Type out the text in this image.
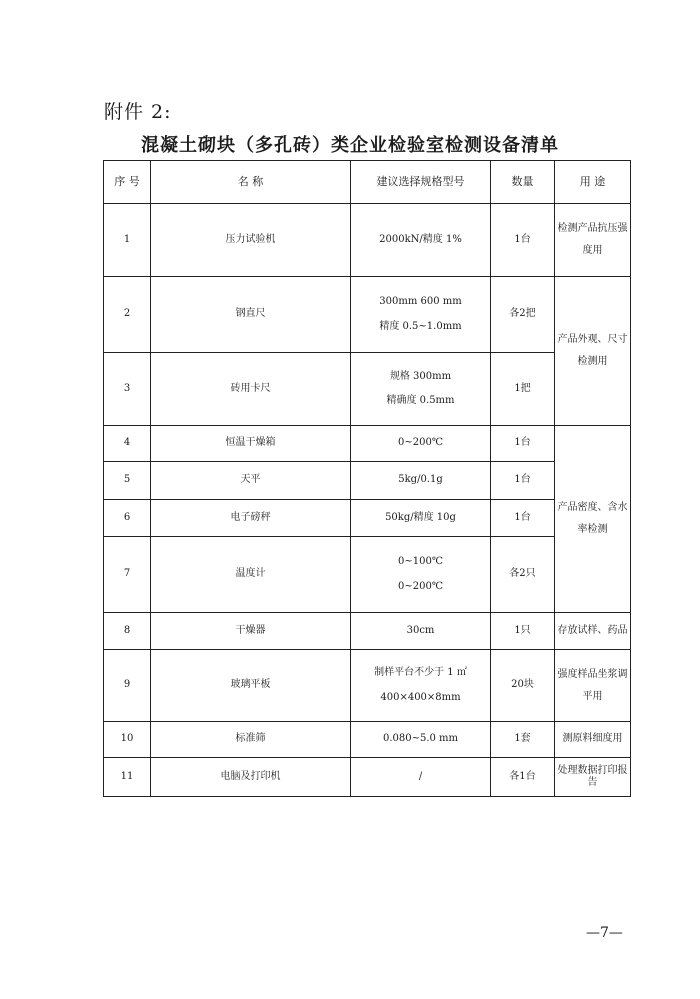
附件 2:
混凝土砌块（多孔砖）类企业检验室检测设备清单
序 号	名 称	建议选择规格型号	数量	用 途
1	压力试验机	2000kN/精度 1%	1台	检测产品抗压强度用

2	钢直尺	300mm 600 mm
精度 0.5~1.0mm	各2把	产品外观、尺寸检测用

3	砖用卡尺	规格 300mm
精确度 0.5mm	1把	
4	恒温干燥箱	0~200℃	1台	产品密度、含水率检测

5	天平	5kg/0.1g	1台	
6	电子磅秤	50kg/精度 10g	1台	
7	温度计	0~100℃
0~200℃	各2只	
8	干燥器	30cm	1只	存放试样、药品
9	玻璃平板	制样平台不少于 1 ㎡
400×400×8mm	20块	强度样品坐浆调平用

10	标准筛	0.080~5.0 mm	1套	测原料细度用
11	电脑及打印机	/	各1台	处理数据打印报告
—7—
